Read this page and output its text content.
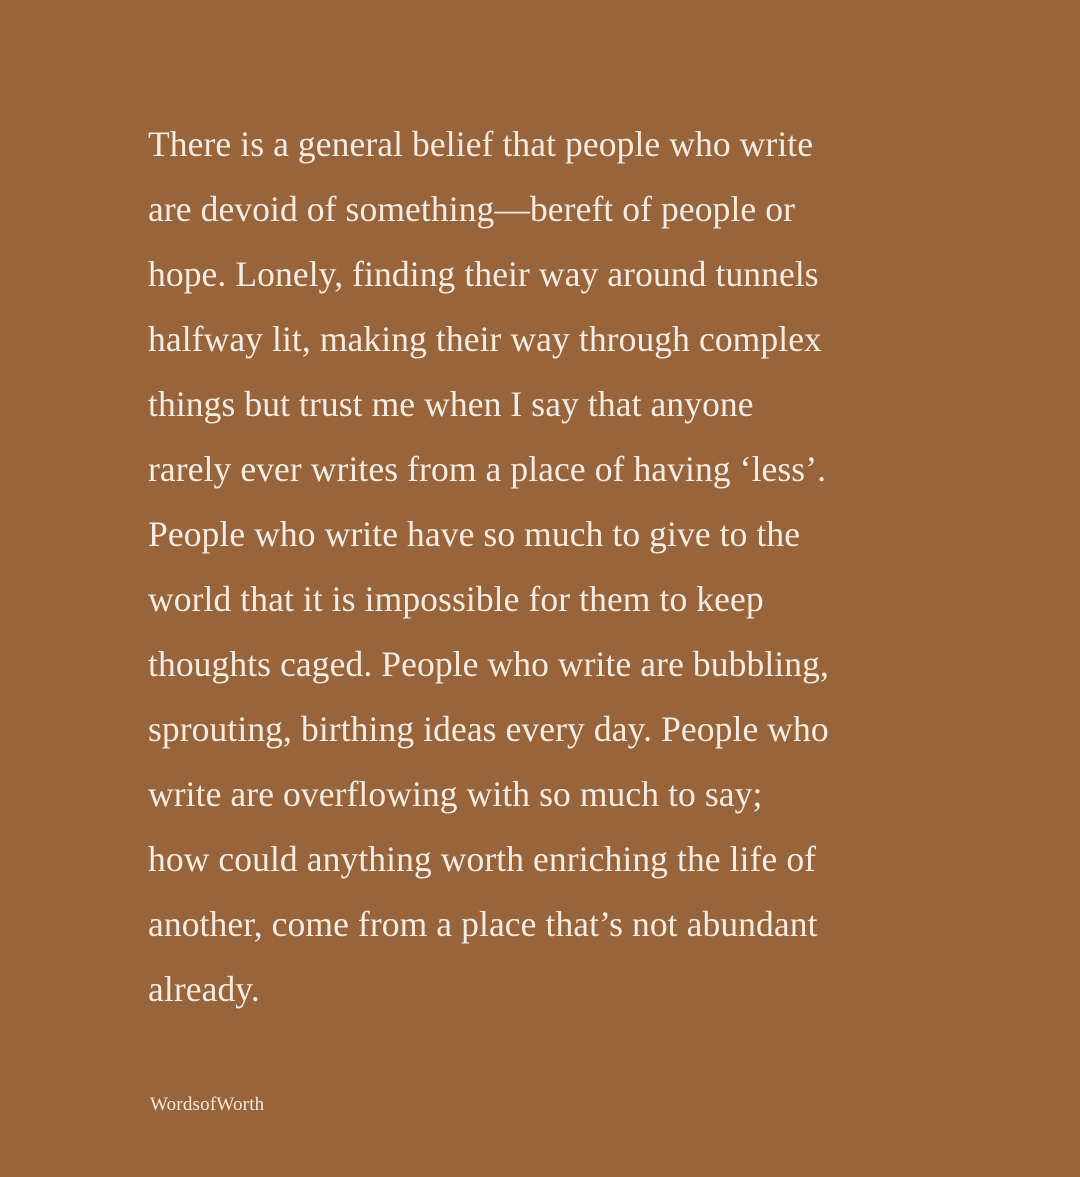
There is a general belief that people who write
are devoid of something—bereft of people or
hope. Lonely, finding their way around tunnels
halfway lit, making their way through complex
things but trust me when I say that anyone
rarely ever writes from a place of having ‘less’.
People who write have so much to give to the
world that it is impossible for them to keep
thoughts caged. People who write are bubbling,
sprouting, birthing ideas every day. People who
write are overflowing with so much to say;
how could anything worth enriching the life of
another, come from a place that’s not abundant
already.

WordsofWorth
